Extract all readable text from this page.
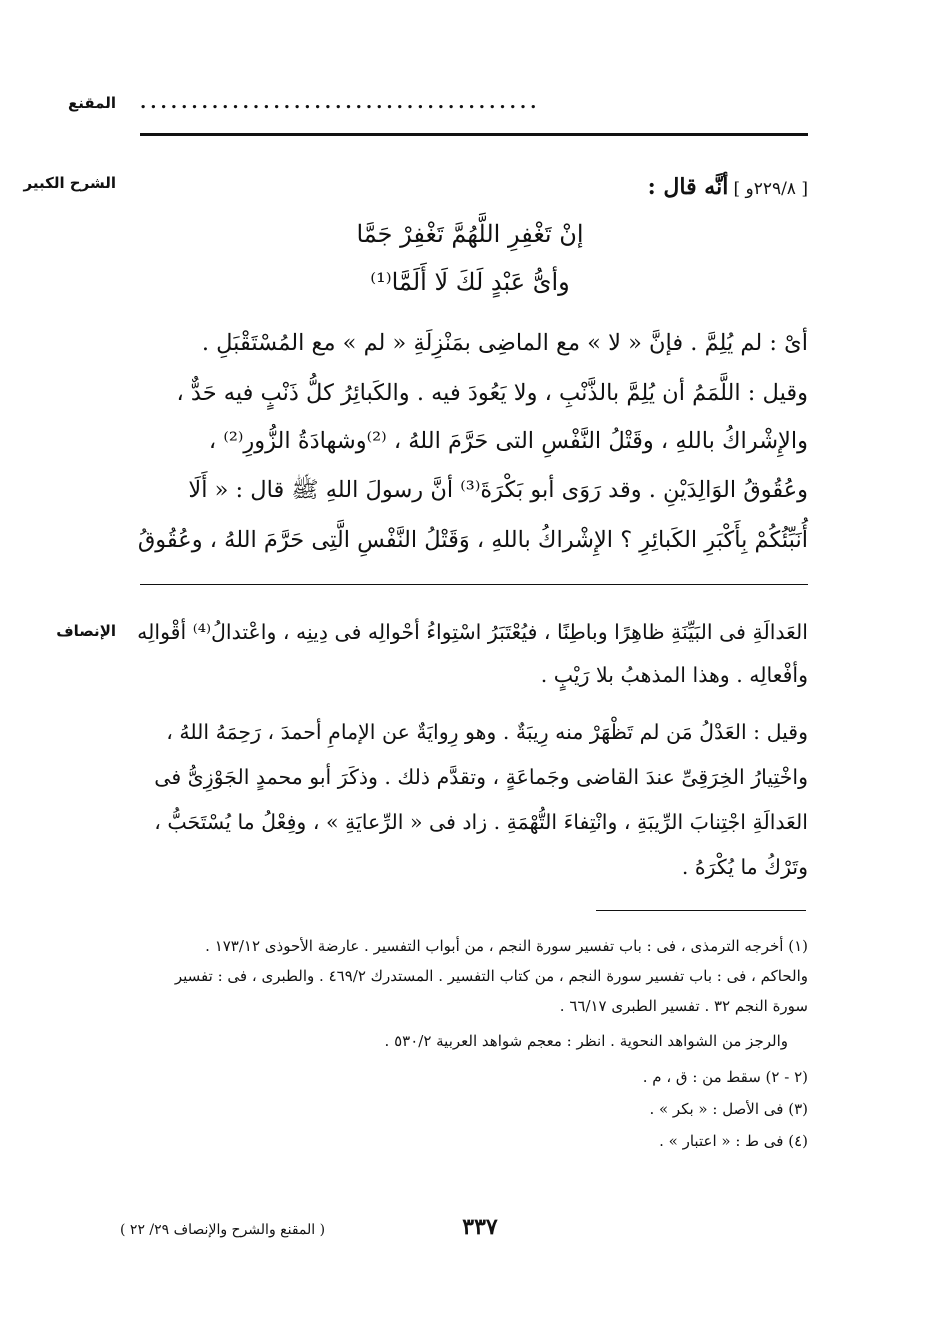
المقنع .......................................
الشرح الكبير	[ ٢٢٩/٨و ] أنَّه قال :
إنْ تَغْفِرِ اللَّهُمَّ تَغْفِرْ جَمَّا
وأىُّ عَبْدٍ لَكَ لَا أَلَمَّا⁽¹⁾
أىْ : لم يُلِمَّ . فإنَّ « لا » مع الماضِى بمَنْزِلَةِ « لم » مع المُسْتَقْبَلِ .
وقيل : اللَّمَمُ أن يُلِمَّ بالذَّنْبِ ، ولا يَعُودَ فيه . والكَبائِرُ كلُّ ذَنْبٍ فيه حَدٌّ ،
والإِشْراكُ باللهِ ، وقَتْلُ النَّفْسِ التى حَرَّمَ اللهُ ، ⁽²⁾وشهادَةُ الزُّورِ⁽²⁾ ،
وعُقُوقُ الوَالِدَيْنِ . وقد رَوَى أبو بَكْرَةَ⁽³⁾ أنَّ رسولَ اللهِ ﷺ قال : « أَلَا
أُنَبِّئُكُمْ بِأَكْبَرِ الكَبائِرِ ؟ الإِشْراكُ باللهِ ، وَقَتْلُ النَّفْسِ الَّتِى حَرَّمَ اللهُ ، وعُقُوقُ
الإنصاف العَدالَةِ فى البَيِّنَةِ ظاهِرًا وباطِنًا ، فيُعْتَبَرُ اسْتِواءُ أحْوالِه فى دِينِه ، واعْتدالُ⁽⁴⁾ أقْوالِه
وأفْعالِه . وهذا المذهبُ بلا رَيْبٍ .
وقيل : العَدْلُ مَن لم تَظْهَرْ منه رِيبَةٌ . وهو رِوايَةٌ عن الإمامِ أحمدَ ، رَحِمَهُ اللهُ ،
واخْتِيارُ الخِرَقِىِّ عندَ القاضى وجَماعَةٍ ، وتقدَّم ذلك . وذكَرَ أبو محمدٍ الجَوْزِىُّ فى
العَدالَةِ اجْتِنابَ الرِّيبَةِ ، وانْتِفاءَ التُّهْمَةِ . زاد فى « الرِّعايَةِ » ، وفِعْلُ ما يُسْتَحَبُّ ،
وتَرْكُ ما يُكْرَهُ .
(١) أخرجه الترمذى ، فى : باب تفسير سورة النجم ، من أبواب التفسير . عارضة الأحوذى ١٧٣/١٢ .
والحاكم ، فى : باب تفسير سورة النجم ، من كتاب التفسير . المستدرك ٤٦٩/٢ . والطبرى ، فى : تفسير
سورة النجم ٣٢ . تفسير الطبرى ٦٦/١٧ .
والرجز من الشواهد النحوية . انظر : معجم شواهد العربية ٥٣٠/٢ .
(٢ - ٢) سقط من : ق ، م .
(٣) فى الأصل : « بكر » .
(٤) فى ط : « اعتبار » .
٣٣٧
( المقنع والشرح والإنصاف ٢٩/ ٢٢ )
